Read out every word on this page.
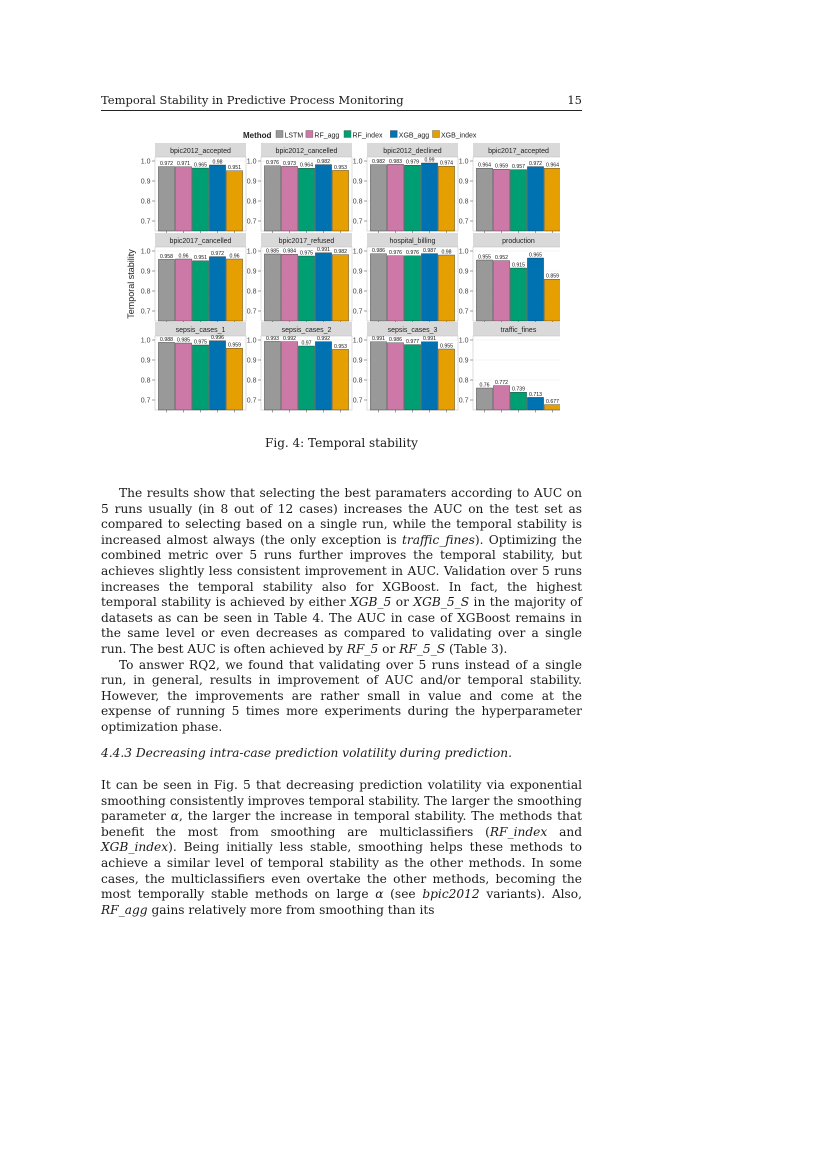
Temporal Stability in Predictive Process Monitoring	15
Method LSTM RF_agg RF_index XGB_agg XGB_index
Temporal stability
bpic2012_accepted
0.7
0.8
0.9
1.0 0.972 0.971 0.965 0.98
0.951
bpic2012_cancelled
0.7
0.8
0.9
1.0 0.976 0.973 0.964
0.982
0.953
bpic2012_declined
0.7
0.8
0.9
1.0 0.982 0.983 0.979 0.99
0.974
bpic2017_accepted
0.7
0.8
0.9
1.0
0.964 0.959 0.957 0.972 0.964
bpic2017_cancelled
0.7
0.8
0.9
1.0
0.958 0.96 0.951
0.972 0.96
bpic2017_refused
0.7
0.8
0.9
1.0 0.985 0.984 0.975
0.991 0.982
hospital_billing
0.7
0.8
0.9
1.0 0.986 0.976 0.976 0.987 0.98
production
0.7
0.8
0.9
1.0
0.955 0.952
0.915
0.965
0.859
sepsis_cases_1
0.7
0.8
0.9
1.0 0.988 0.985 0.975
0.996
0.959
sepsis_cases_2
0.7
0.8
0.9
1.0 0.993 0.992
0.97
0.992
0.953
sepsis_cases_3
0.7
0.8
0.9
1.0 0.991 0.986 0.977 0.991
0.955
traffic_fines
0.7
0.8
0.9
1.0
0.76 0.772
0.739
0.713
0.677
Fig. 4: Temporal stability

The results show that selecting the best paramaters according to AUC on 5 runs usually (in 8 out of 12 cases) increases the AUC on the test set as compared to selecting based on a single run, while the temporal stability is increased almost always (the only exception is traffic_fines). Optimizing the combined metric over 5 runs further improves the temporal stability, but achieves slightly less consistent improvement in AUC. Validation over 5 runs increases the temporal stability also for XGBoost. In fact, the highest temporal stability is achieved by either XGB_5 or XGB_5_S in the majority of datasets as can be seen in Table 4. The AUC in case of XGBoost remains in the same level or even decreases as compared to validating over a single run. The best AUC is often achieved by RF_5 or RF_5_S (Table 3).

To answer RQ2, we found that validating over 5 runs instead of a single run, in general, results in improvement of AUC and/or temporal stability. However, the improvements are rather small in value and come at the expense of running 5 times more experiments during the hyperparameter optimization phase.

4.4.3 Decreasing intra-case prediction volatility during prediction.

It can be seen in Fig. 5 that decreasing prediction volatility via exponential smoothing consistently improves temporal stability. The larger the smoothing parameter α, the larger the increase in temporal stability. The methods that benefit the most from smoothing are multiclassifiers (RF_index and XGB_index). Being initially less stable, smoothing helps these methods to achieve a similar level of temporal stability as the other methods. In some cases, the multiclassifiers even overtake the other methods, becoming the most temporally stable methods on large α (see bpic2012 variants). Also, RF_agg gains relatively more from smoothing than its
